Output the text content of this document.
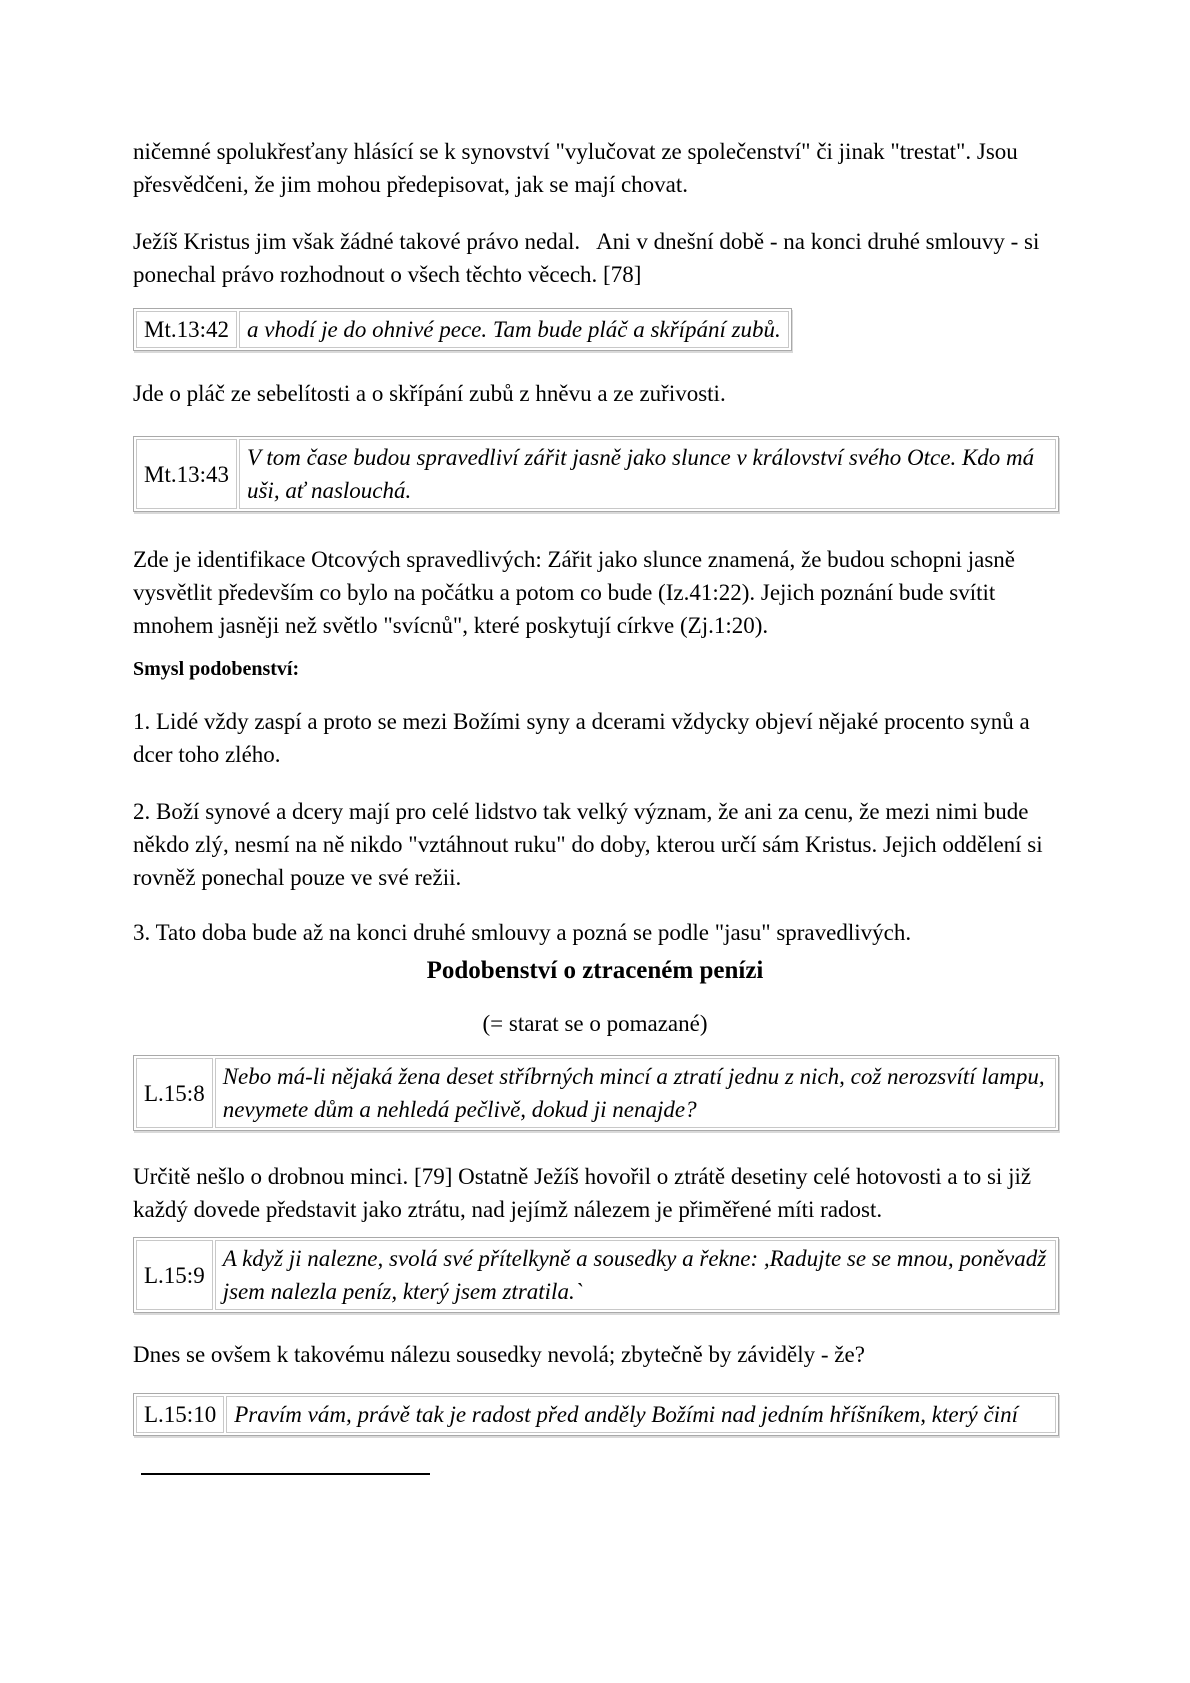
ničemné spolukřesťany hlásící se k synovství "vylučovat ze společenství" či jinak "trestat". Jsou přesvědčeni, že jim mohou předepisovat, jak se mají chovat.

Ježíš Kristus jim však žádné takové právo nedal.   Ani v dnešní době - na konci druhé smlouvy - si ponechal právo rozhodnout o všech těchto věcech. [78]

Mt.13:42	a vhodí je do ohnivé pece. Tam bude pláč a skřípání zubů.

Jde o pláč ze sebelítosti a o skřípání zubů z hněvu a ze zuřivosti.

Mt.13:43	V tom čase budou spravedliví zářit jasně jako slunce v království svého Otce. Kdo má uši, ať naslouchá.

Zde je identifikace Otcových spravedlivých: Zářit jako slunce znamená, že budou schopni jasně vysvětlit především co bylo na počátku a potom co bude (Iz.41:22). Jejich poznání bude svítit mnohem jasněji než světlo "svícnů", které poskytují církve (Zj.1:20).

Smysl podobenství:

1. Lidé vždy zaspí a proto se mezi Božími syny a dcerami vždycky objeví nějaké procento synů a dcer toho zlého.

2. Boží synové a dcery mají pro celé lidstvo tak velký význam, že ani za cenu, že mezi nimi bude někdo zlý, nesmí na ně nikdo "vztáhnout ruku" do doby, kterou určí sám Kristus. Jejich oddělení si rovněž ponechal pouze ve své režii.

3. Tato doba bude až na konci druhé smlouvy a pozná se podle "jasu" spravedlivých.

Podobenství o ztraceném penízi

(= starat se o pomazané)

L.15:8	Nebo má-li nějaká žena deset stříbrných mincí a ztratí jednu z nich, což nerozsvítí lampu, nevymete dům a nehledá pečlivě, dokud ji nenajde?

Určitě nešlo o drobnou minci. [79] Ostatně Ježíš hovořil o ztrátě desetiny celé hotovosti a to si již každý dovede představit jako ztrátu, nad jejímž nálezem je přiměřené míti radost.

L.15:9	A když ji nalezne, svolá své přítelkyně a sousedky a řekne: ,Radujte se se mnou, poněvadž jsem nalezla peníz, který jsem ztratila.`

Dnes se ovšem k takovému nálezu sousedky nevolá; zbytečně by záviděly - že?

L.15:10	Pravím vám, právě tak je radost před anděly Božími nad jedním hříšníkem, který činí
